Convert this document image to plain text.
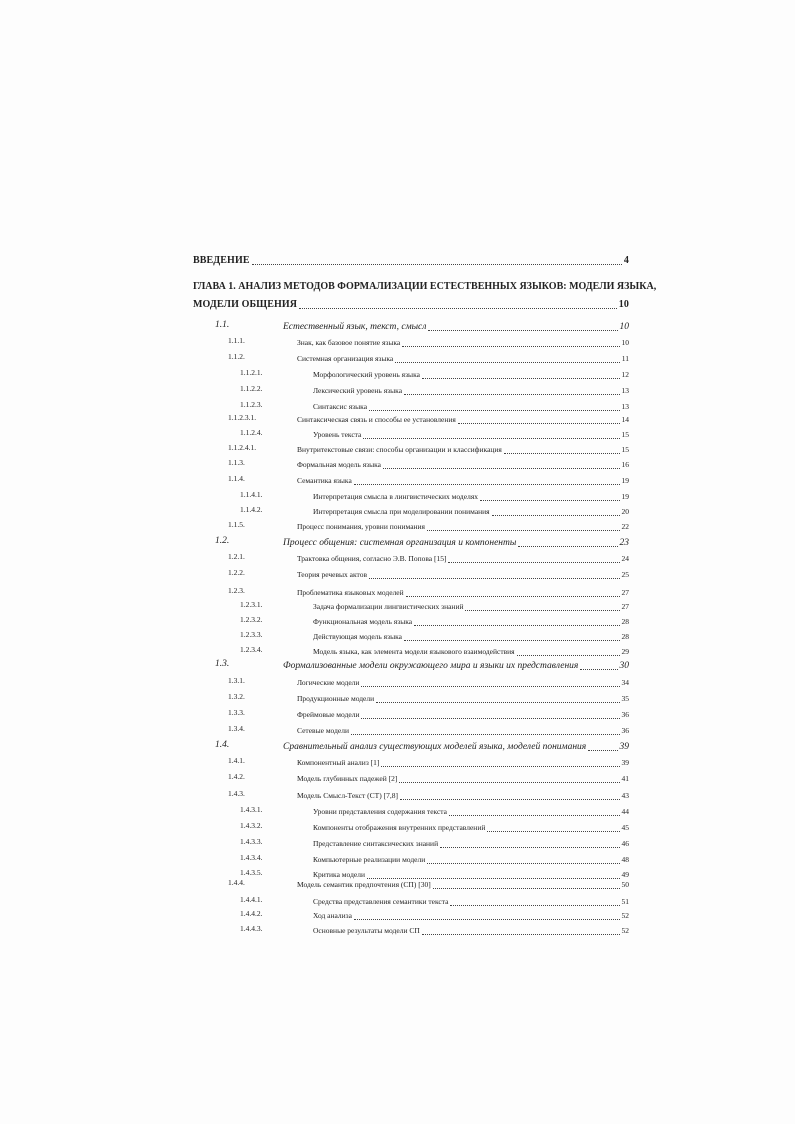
ВВЕДЕНИЕ	4
ГЛАВА 1. АНАЛИЗ МЕТОДОВ ФОРМАЛИЗАЦИИ ЕСТЕСТВЕННЫХ ЯЗЫКОВ: МОДЕЛИ ЯЗЫКА,
МОДЕЛИ ОБЩЕНИЯ	10
1.1.	Естественный язык, текст, смысл	10
1.1.1.	Знак, как базовое понятие языка	10
1.1.2.	Системная организация языка	11
1.1.2.1.	Морфологический уровень языка	12
1.1.2.2.	Лексический уровень языка	13
1.1.2.3.	Синтаксис языка	13
1.1.2.3.1.	Синтаксическая связь и способы ее установления	14
1.1.2.4.	Уровень текста	15
1.1.2.4.1.	Внутритекстовые связи: способы организации и классификация	15
1.1.3.	Формальная модель языка	16
1.1.4.	Семантика языка	19
1.1.4.1.	Интерпретация смысла в лингвистических моделях	19
1.1.4.2.	Интерпретация смысла при моделировании понимания	20
1.1.5.	Процесс понимания, уровни понимания	22
1.2.	Процесс общения: системная организация и компоненты	23
1.2.1.	Трактовка общения, согласно Э.В. Попова [15]	24
1.2.2.	Теория речевых актов	25
1.2.3.	Проблематика языковых моделей	27
1.2.3.1.	Задача формализации лингвистических знаний	27
1.2.3.2.	Функциональная модель языка	28
1.2.3.3.	Действующая модель языка	28
1.2.3.4.	Модель языка, как элемента модели языкового взаимодействия	29
1.3.	Формализованные модели окружающего мира и языки их представления	30
1.3.1.	Логические модели	34
1.3.2.	Продукционные модели	35
1.3.3.	Фреймовые модели	36
1.3.4.	Сетевые модели	36
1.4.	Сравнительный анализ существующих моделей языка, моделей понимания	39
1.4.1.	Компонентный анализ [1]	39
1.4.2.	Модель глубинных падежей [2]	41
1.4.3.	Модель Смысл-Текст (СТ) [7,8]	43
1.4.3.1.	Уровни представления содержания текста	44
1.4.3.2.	Компоненты отображения внутренних представлений	45
1.4.3.3.	Представление синтаксических знаний	46
1.4.3.4.	Компьютерные реализации модели	48
1.4.3.5.	Критика модели	49
1.4.4.	Модель семантик предпочтения (СП) [30]	50
1.4.4.1.	Средства представления семантики текста	51
1.4.4.2.	Ход анализа	52
1.4.4.3.	Основные результаты модели СП	52
